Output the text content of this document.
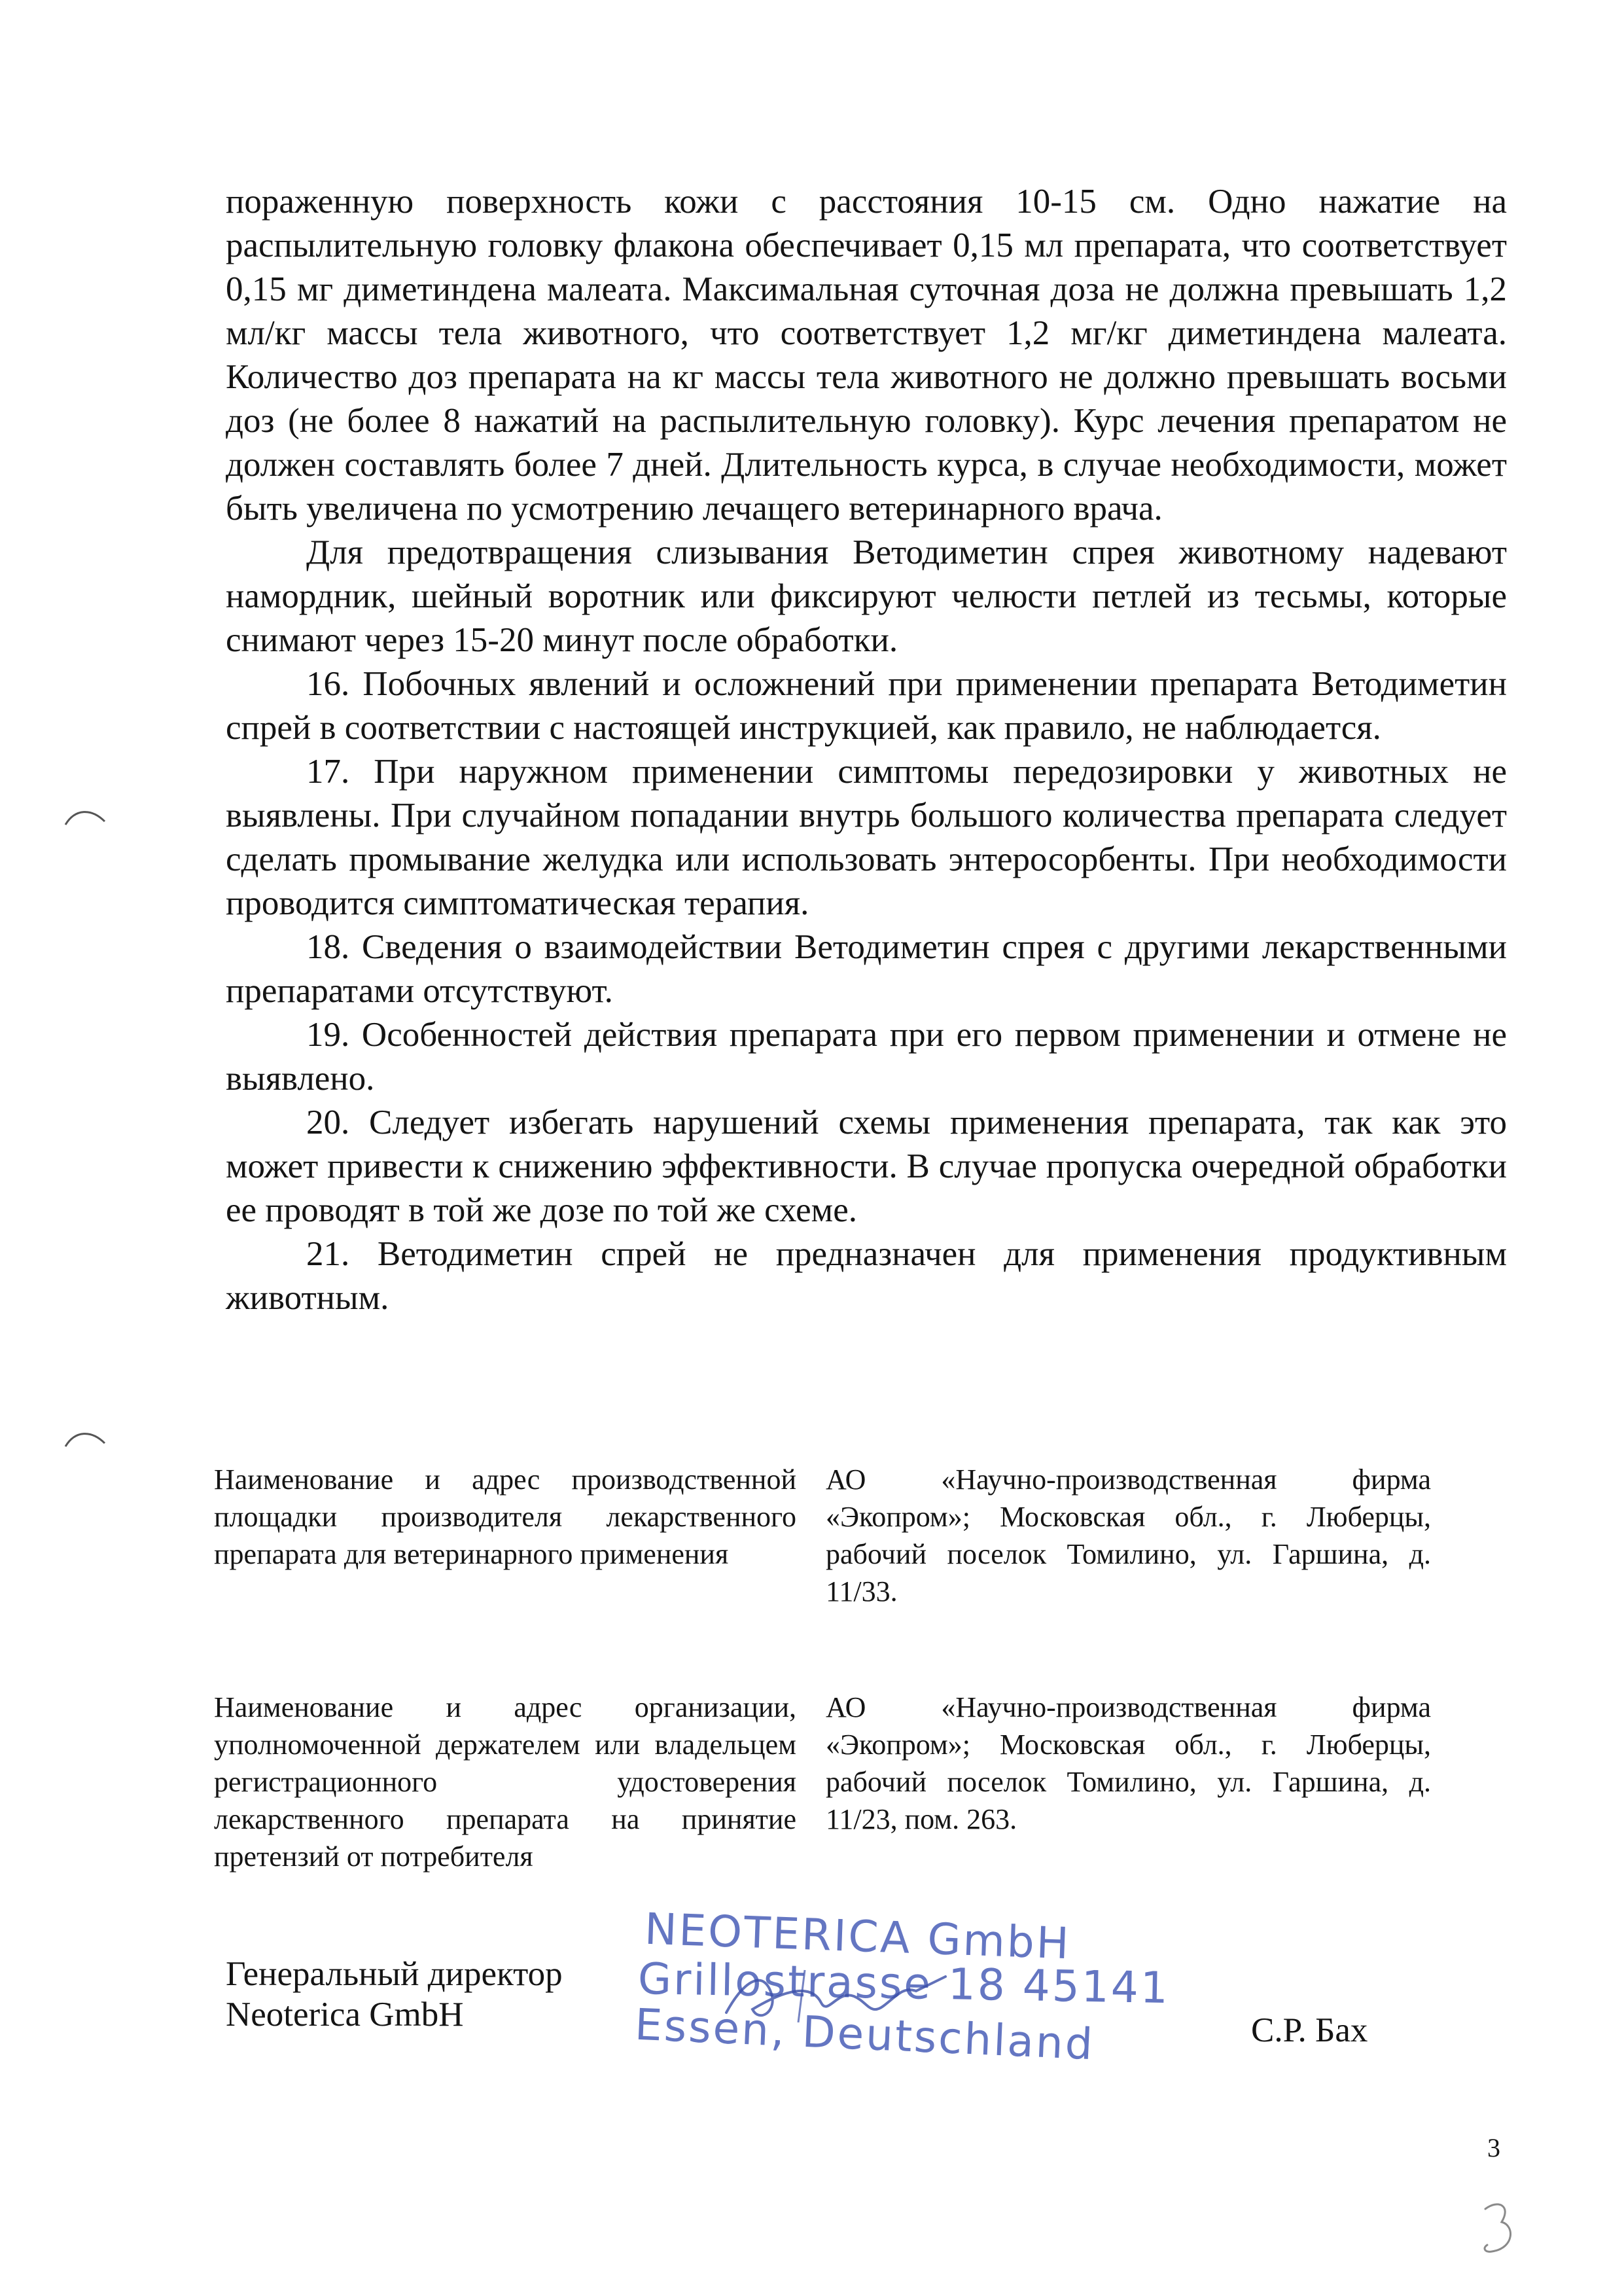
пораженную поверхность кожи с расстояния 10-15 см. Одно нажатие на распылительную головку флакона обеспечивает 0,15 мл препарата, что соответствует 0,15 мг диметиндена малеата. Максимальная суточная доза не должна превышать 1,2 мл/кг массы тела животного, что соответствует 1,2 мг/кг диметиндена малеата. Количество доз препарата на кг массы тела животного не должно превышать восьми доз (не более 8 нажатий на распылительную головку). Курс лечения препаратом не должен составлять более 7 дней. Длительность курса, в случае необходимости, может быть увеличена по усмотрению лечащего ветеринарного врача.

Для предотвращения слизывания Ветодиметин спрея животному надевают намордник, шейный воротник или фиксируют челюсти петлей из тесьмы, которые снимают через 15-20 минут после обработки.

16. Побочных явлений и осложнений при применении препарата Ветодиметин спрей в соответствии с настоящей инструкцией, как правило, не наблюдается.

17. При наружном применении симптомы передозировки у животных не выявлены. При случайном попадании внутрь большого количества препарата следует сделать промывание желудка или использовать энтеросорбенты. При необходимости проводится симптоматическая терапия.

18. Сведения о взаимодействии Ветодиметин спрея с другими лекарственными препаратами отсутствуют.

19. Особенностей действия препарата при его первом применении и отмене не выявлено.

20. Следует избегать нарушений схемы применения препарата, так как это может привести к снижению эффективности. В случае пропуска очередной обработки ее проводят в той же дозе по той же схеме.

21. Ветодиметин спрей не предназначен для применения продуктивным животным.

Наименование и адрес производственной площадки производителя лекарственного препарата для ветеринарного применения
АО «Научно-производственная фирма «Экопром»; Московская обл., г. Люберцы, рабочий поселок Томилино, ул. Гаршина, д. 11/33.
Наименование и адрес организации, уполномоченной держателем или владельцем регистрационного удостоверения лекарственного препарата на принятие претензий от потребителя
АО «Научно-производственная фирма «Экопром»; Московская обл., г. Люберцы, рабочий поселок Томилино, ул. Гаршина, д. 11/23, пом. 263.
Генеральный директор
Neoterica GmbH
NEOTERICA GmbH
Grillostrasse 18 45141
Essen, Deutschland	С.Р. Бах
3
